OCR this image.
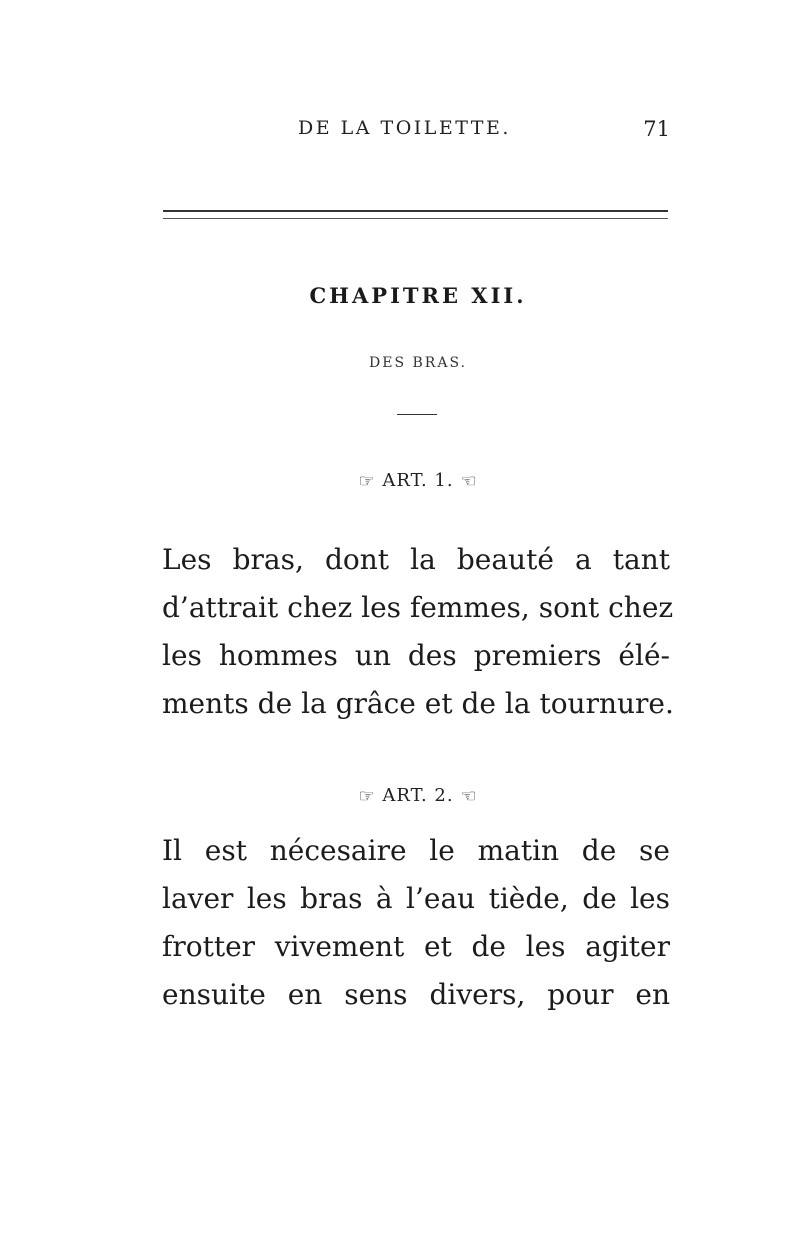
DE LA TOILETTE.	71
CHAPITRE XII.
DES BRAS.
☞ ART. 1. ☜
Les bras, dont la beauté a tant
d’attrait chez les femmes, sont chez
les hommes un des premiers élé-
ments de la grâce et de la tournure.
☞ ART. 2. ☜
Il est nécesaire le matin de se
laver les bras à l’eau tiède, de les
frotter vivement et de les agiter
ensuite en sens divers, pour en
